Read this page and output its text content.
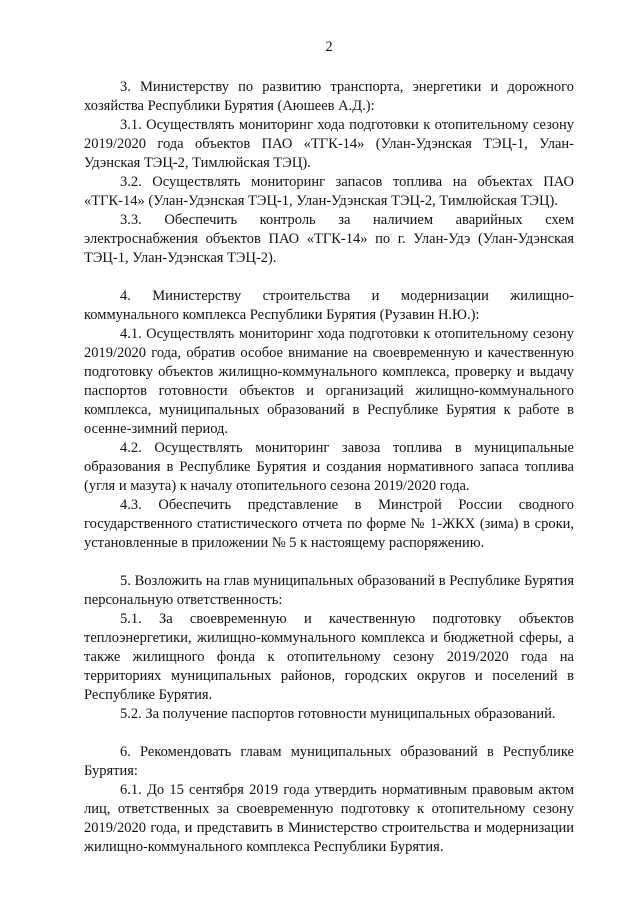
2

3. Министерству по развитию транспорта, энергетики и дорожного хозяйства Республики Бурятия (Аюшеев А.Д.):

3.1. Осуществлять мониторинг хода подготовки к отопительному сезону 2019/2020 года объектов ПАО «ТГК-14» (Улан-Удэнская ТЭЦ-1, Улан-Удэнская ТЭЦ-2, Тимлюйская ТЭЦ).

3.2. Осуществлять мониторинг запасов топлива на объектах ПАО «ТГК-14» (Улан-Удэнская ТЭЦ-1, Улан-Удэнская ТЭЦ-2, Тимлюйская ТЭЦ).

3.3. Обеспечить контроль за наличием аварийных схем электроснабжения объектов ПАО «ТГК-14» по г. Улан-Удэ (Улан-Удэнская ТЭЦ-1, Улан-Удэнская ТЭЦ-2).

4. Министерству строительства и модернизации жилищно-коммунального комплекса Республики Бурятия (Рузавин Н.Ю.):

4.1. Осуществлять мониторинг хода подготовки к отопительному сезону 2019/2020 года, обратив особое внимание на своевременную и качественную подготовку объектов жилищно-коммунального комплекса, проверку и выдачу паспортов готовности объектов и организаций жилищно-коммунального комплекса, муниципальных образований в Республике Бурятия к работе в осенне-зимний период.

4.2. Осуществлять мониторинг завоза топлива в муниципальные образования в Республике Бурятия и создания нормативного запаса топлива (угля и мазута) к началу отопительного сезона 2019/2020 года.

4.3. Обеспечить представление в Минстрой России сводного государственного статистического отчета по форме № 1-ЖКХ (зима) в сроки, установленные в приложении № 5 к настоящему распоряжению.

5. Возложить на глав муниципальных образований в Республике Бурятия персональную ответственность:

5.1. За своевременную и качественную подготовку объектов теплоэнергетики, жилищно-коммунального комплекса и бюджетной сферы, а также жилищного фонда к отопительному сезону 2019/2020 года на территориях муниципальных районов, городских округов и поселений в Республике Бурятия.

5.2. За получение паспортов готовности муниципальных образований.

6. Рекомендовать главам муниципальных образований в Республике Бурятия:

6.1. До 15 сентября 2019 года утвердить нормативным правовым актом лиц, ответственных за своевременную подготовку к отопительному сезону 2019/2020 года, и представить в Министерство строительства и модернизации жилищно-коммунального комплекса Республики Бурятия.
